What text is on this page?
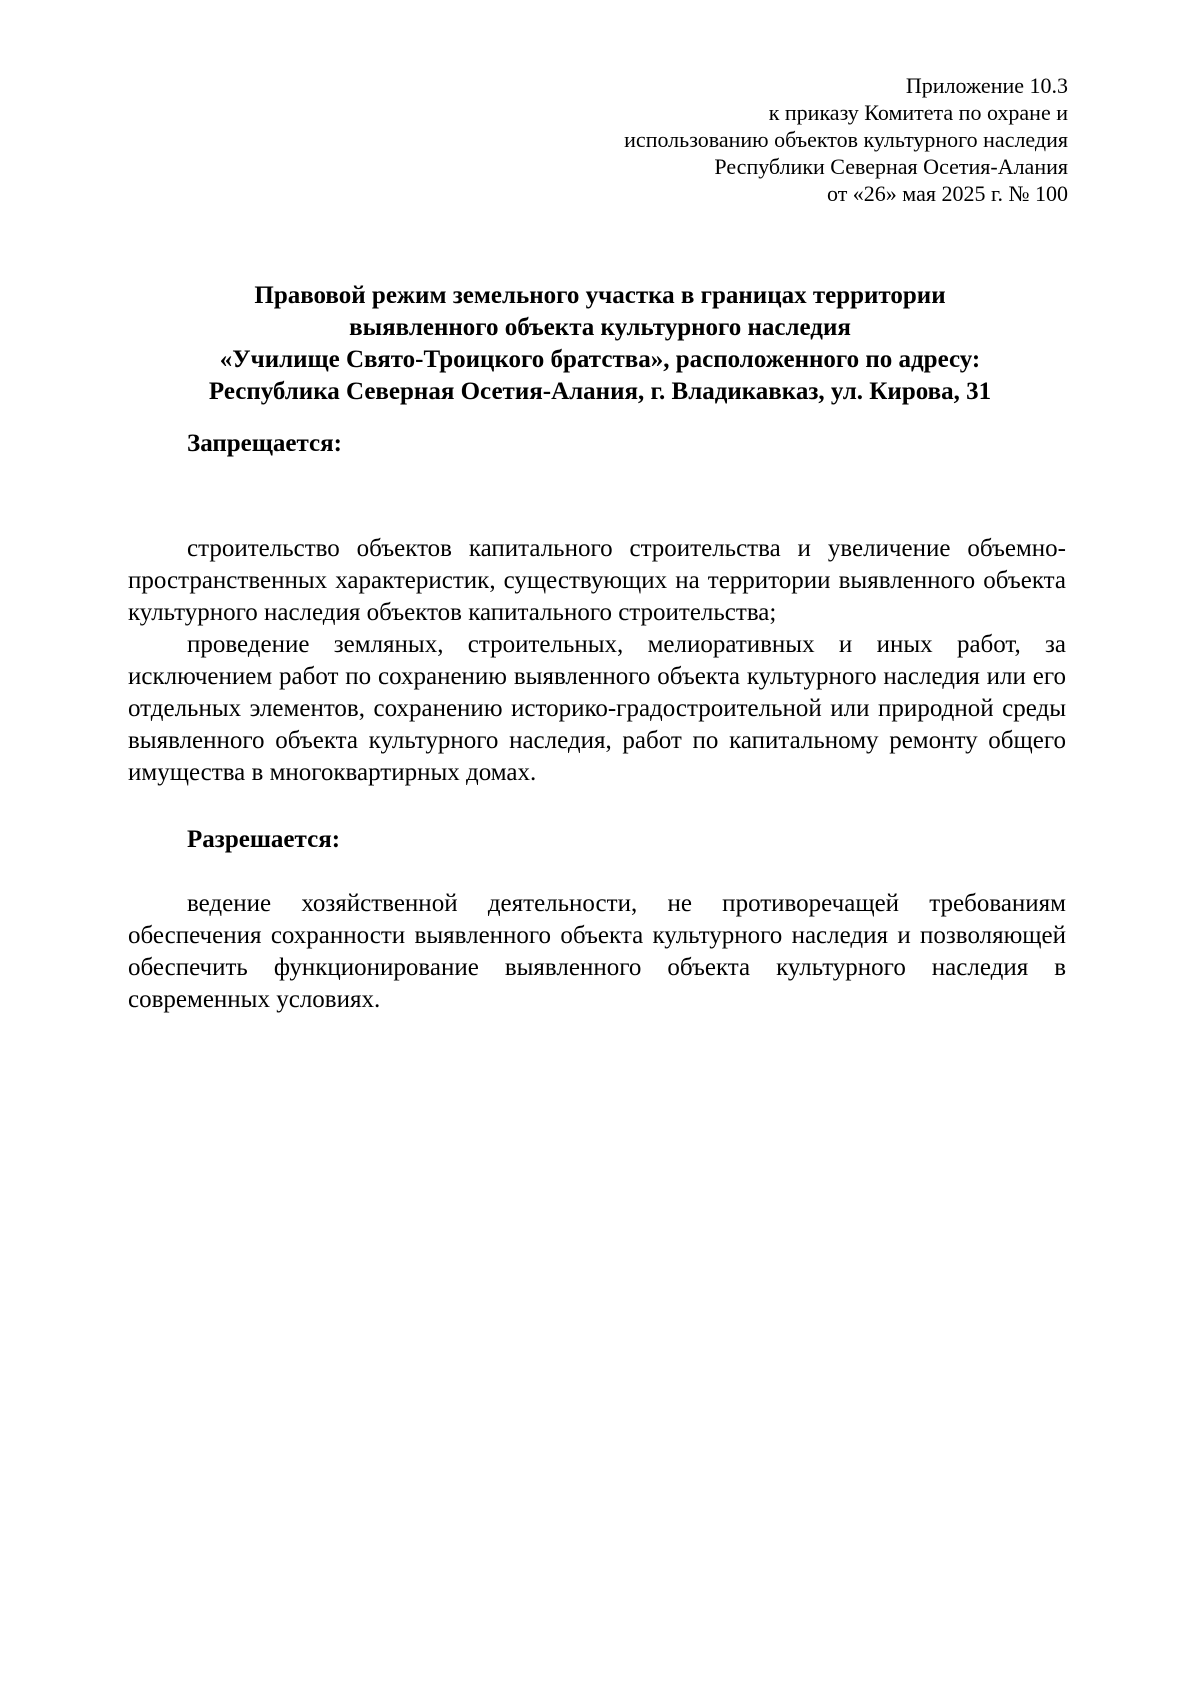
Приложение 10.3
к приказу Комитета по охране и
использованию объектов культурного наследия
Республики Северная Осетия-Алания
от «26» мая 2025 г. № 100
Правовой режим земельного участка в границах территории
выявленного объекта культурного наследия
«Училище Свято-Троицкого братства», расположенного по адресу:
Республика Северная Осетия-Алания, г. Владикавказ, ул. Кирова, 31
Запрещается:

строительство объектов капитального строительства и увеличение объемно-пространственных характеристик, существующих на территории выявленного объекта культурного наследия объектов капитального строительства;

проведение земляных, строительных, мелиоративных и иных работ, за исключением работ по сохранению выявленного объекта культурного наследия или его отдельных элементов, сохранению историко-градостроительной или природной среды выявленного объекта культурного наследия, работ по капитальному ремонту общего имущества в многоквартирных домах.

Разрешается:

ведение хозяйственной деятельности, не противоречащей требованиям обеспечения сохранности выявленного объекта культурного наследия и позволяющей обеспечить функционирование выявленного объекта культурного наследия в современных условиях.
